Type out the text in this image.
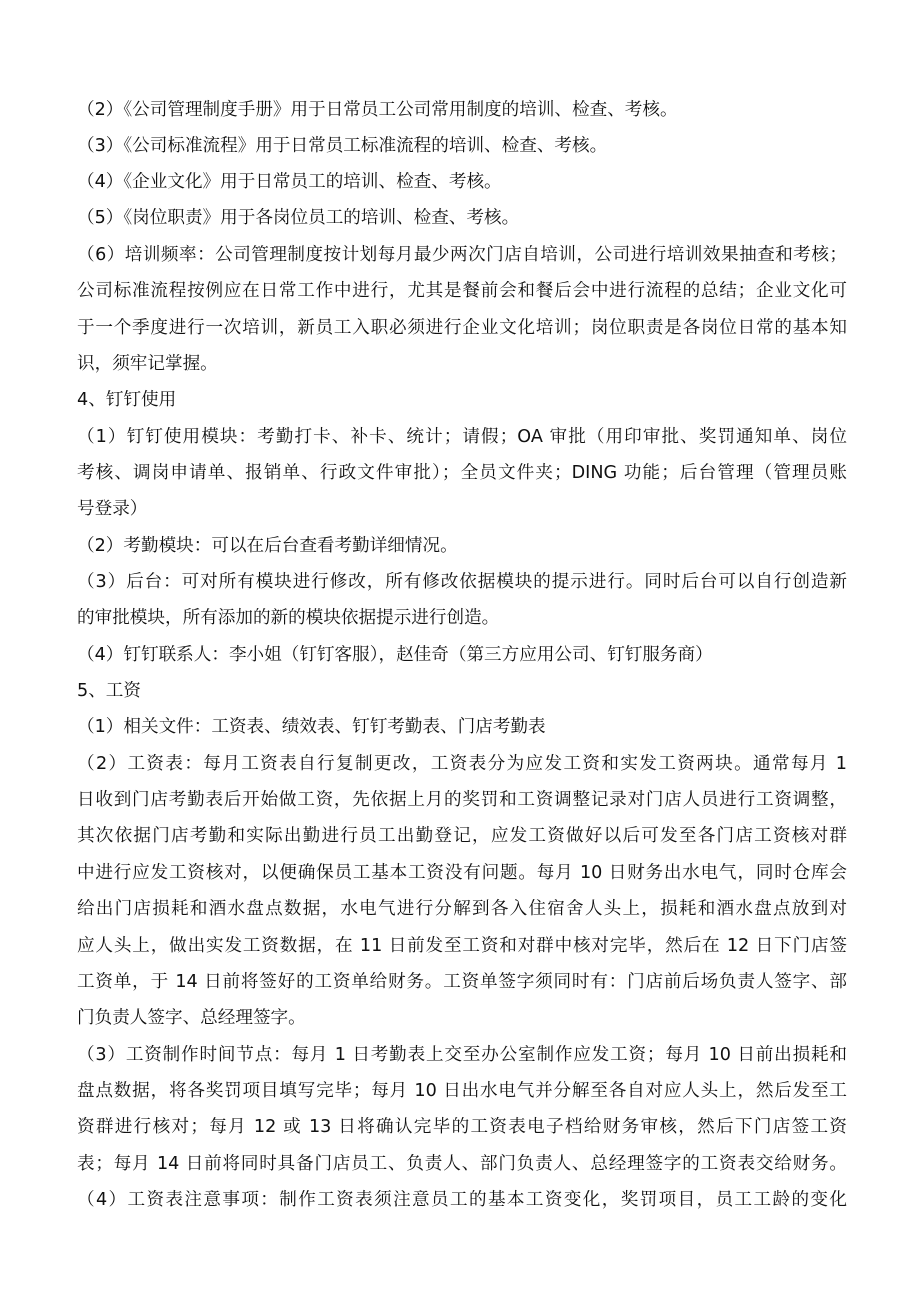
（2）《公司管理制度手册》用于日常员工公司常用制度的培训、检查、考核。
（3）《公司标准流程》用于日常员工标准流程的培训、检查、考核。
（4）《企业文化》用于日常员工的培训、检查、考核。
（5）《岗位职责》用于各岗位员工的培训、检查、考核。
（6）培训频率：公司管理制度按计划每月最少两次门店自培训，公司进行培训效果抽查和考核；
公司标准流程按例应在日常工作中进行，尤其是餐前会和餐后会中进行流程的总结；企业文化可
于一个季度进行一次培训，新员工入职必须进行企业文化培训；岗位职责是各岗位日常的基本知
识，须牢记掌握。
4、钉钉使用
（1）钉钉使用模块：考勤打卡、补卡、统计；请假；OA 审批（用印审批、奖罚通知单、岗位
考核、调岗申请单、报销单、行政文件审批）；全员文件夹；DING 功能；后台管理（管理员账
号登录）
（2）考勤模块：可以在后台查看考勤详细情况。
（3）后台：可对所有模块进行修改，所有修改依据模块的提示进行。同时后台可以自行创造新
的审批模块，所有添加的新的模块依据提示进行创造。
（4）钉钉联系人：李小姐（钉钉客服），赵佳奇（第三方应用公司、钉钉服务商）
5、工资
（1）相关文件：工资表、绩效表、钉钉考勤表、门店考勤表
（2）工资表：每月工资表自行复制更改，工资表分为应发工资和实发工资两块。通常每月 1
日收到门店考勤表后开始做工资，先依据上月的奖罚和工资调整记录对门店人员进行工资调整，
其次依据门店考勤和实际出勤进行员工出勤登记，应发工资做好以后可发至各门店工资核对群
中进行应发工资核对，以便确保员工基本工资没有问题。每月 10 日财务出水电气，同时仓库会
给出门店损耗和酒水盘点数据，水电气进行分解到各入住宿舍人头上，损耗和酒水盘点放到对
应人头上，做出实发工资数据，在 11 日前发至工资和对群中核对完毕，然后在 12 日下门店签
工资单，于 14 日前将签好的工资单给财务。工资单签字须同时有：门店前后场负责人签字、部
门负责人签字、总经理签字。
（3）工资制作时间节点：每月 1 日考勤表上交至办公室制作应发工资；每月 10 日前出损耗和
盘点数据，将各奖罚项目填写完毕；每月 10 日出水电气并分解至各自对应人头上，然后发至工
资群进行核对；每月 12 或 13 日将确认完毕的工资表电子档给财务审核，然后下门店签工资
表；每月 14 日前将同时具备门店员工、负责人、部门负责人、总经理签字的工资表交给财务。
（4）工资表注意事项：制作工资表须注意员工的基本工资变化，奖罚项目，员工工龄的变化
